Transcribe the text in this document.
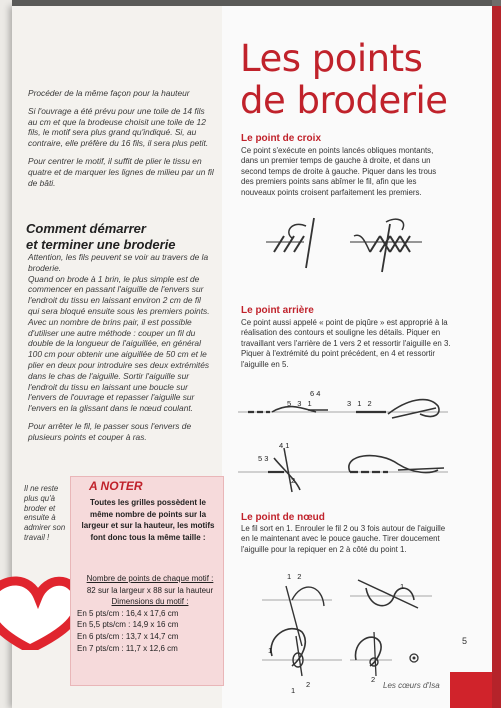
Procéder de la même façon pour la hauteur

Si l'ouvrage a été prévu pour une toile de 14 fils au cm et que la brodeuse choisit une toile de 12 fils, le motif sera plus grand qu'indiqué. Si, au contraire, elle préfère du 16 fils, il sera plus petit.

Pour centrer le motif, il suffit de plier le tissu en quatre et de marquer les lignes de milieu par un fil de bâti.

Comment démarrer
et terminer une broderie

Attention, les fils peuvent se voir au travers de la broderie.

Quand on brode à 1 brin, le plus simple est de commencer en passant l'aiguille de l'envers sur l'endroit du tissu en laissant environ 2 cm de fil qui sera bloqué ensuite sous les premiers points. Avec un nombre de brins pair, il est possible d'utiliser une autre méthode : couper un fil du double de la longueur de l'aiguillée, en général 100 cm pour obtenir une aiguillée de 50 cm et le plier en deux pour introduire ses deux extrémités dans le chas de l'aiguille. Sortir l'aiguille sur l'endroit du tissu en laissant une boucle sur l'envers de l'ouvrage et repasser l'aiguille sur l'envers en la glissant dans le nœud coulant.

Pour arrêter le fil, le passer sous l'envers de plusieurs points et couper à ras.

Il ne reste plus qu'à broder et ensuite à admirer son travail !
A NOTER
Toutes les grilles possèdent le même nombre de points sur la largeur et sur la hauteur, les motifs font donc tous la même taille :
Nombre de points de chaque motif :
82 sur la largeur x 88 sur la hauteur
Dimensions du motif :
En 5 pts/cm : 16,4 x 17,6 cm
En 5,5 pts/cm : 14,9 x 16 cm
En 6 pts/cm : 13,7 x 14,7 cm
En 7 pts/cm : 11,7 x 12,6 cm
Les points
de broderie
Le point de croix
Ce point s'exécute en points lancés obliques montants, dans un premier temps de gauche à droite, et dans un second temps de droite à gauche. Piquer dans les trous des premiers points sans abîmer le fil, afin que les nouveaux points croisent parfaitement les premiers.
Le point arrière
Ce point aussi appelé « point de piqûre » est approprié à la réalisation des contours et souligne les détails. Piquer en travaillant vers l'arrière de 1 vers 2 et ressortir l'aiguille en 3. Piquer à l'extrémité du point précédent, en 4 et ressortir l'aiguille en 5.
6 4
5 3 1	3 1 2
4 1
5 3
2
Le point de nœud
Le fil sort en 1. Enrouler le fil 2 ou 3 fois autour de l'aiguille en le maintenant avec le pouce gauche. Tirer doucement l'aiguille pour la repiquer en 2 à côté du point 1.
1 2
1
1
2
1
2
5
Les cœurs d'Isa
